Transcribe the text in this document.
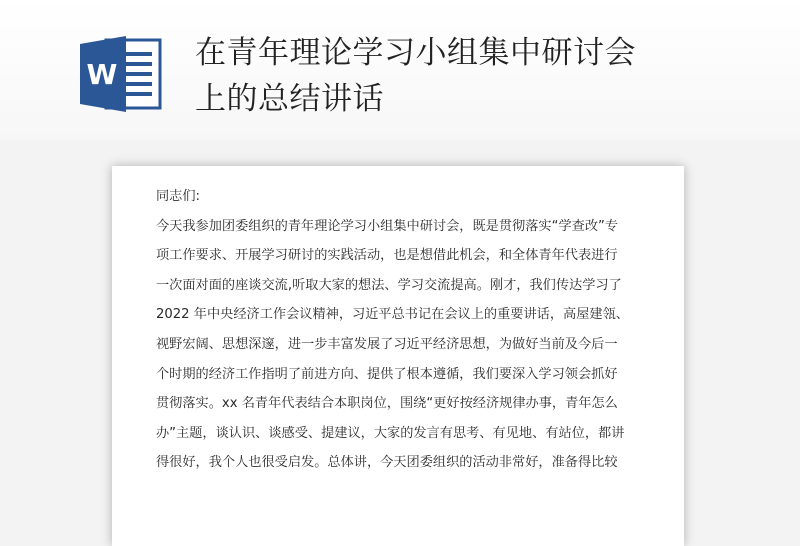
W
在青年理论学习小组集中研讨会
上的总结讲话
同志们:
今天我参加团委组织的青年理论学习小组集中研讨会，既是贯彻落实“学查改”专
项工作要求、开展学习研讨的实践活动，也是想借此机会，和全体青年代表进行
一次面对面的座谈交流,听取大家的想法、学习交流提高。刚才，我们传达学习了
2022 年中央经济工作会议精神，习近平总书记在会议上的重要讲话，高屋建瓴、
视野宏阔、思想深邃，进一步丰富发展了习近平经济思想，为做好当前及今后一
个时期的经济工作指明了前进方向、提供了根本遵循，我们要深入学习领会抓好
贯彻落实。xx 名青年代表结合本职岗位，围绕“更好按经济规律办事，青年怎么
办”主题，谈认识、谈感受、提建议，大家的发言有思考、有见地、有站位，都讲
得很好，我个人也很受启发。总体讲，今天团委组织的活动非常好，准备得比较
